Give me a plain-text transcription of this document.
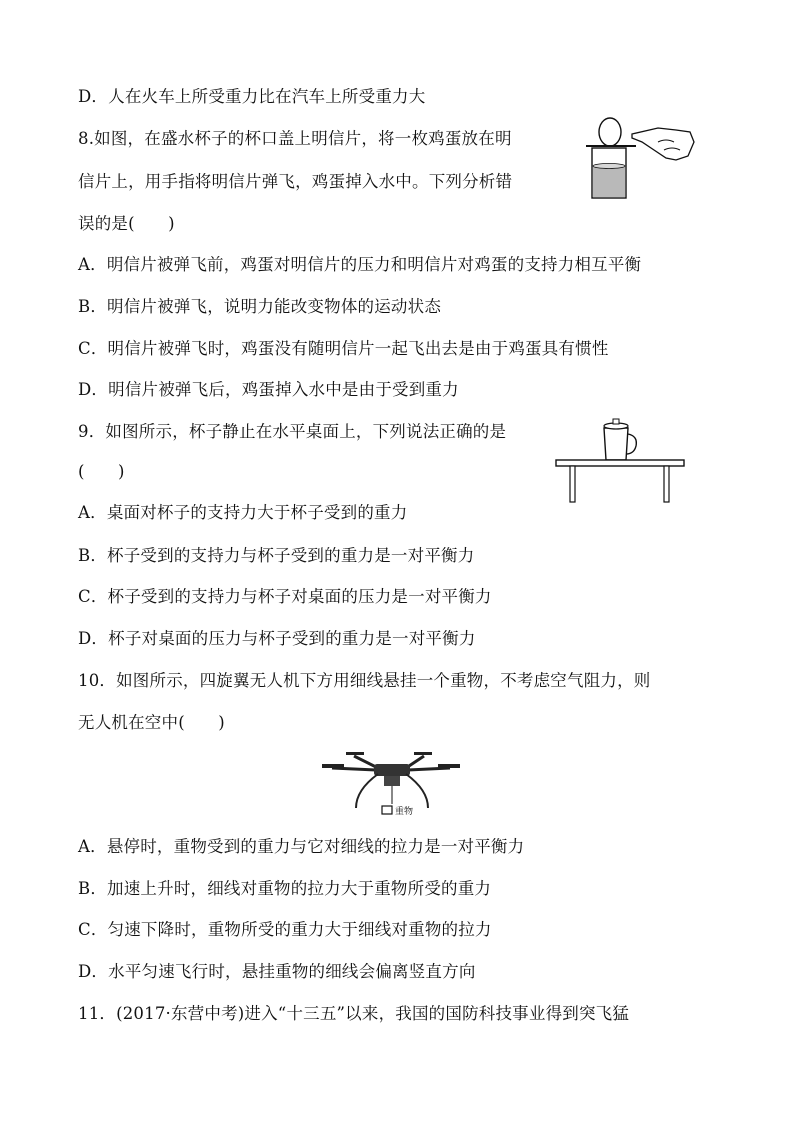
D．人在火车上所受重力比在汽车上所受重力大
8.如图，在盛水杯子的杯口盖上明信片，将一枚鸡蛋放在明
信片上，用手指将明信片弹飞，鸡蛋掉入水中。下列分析错
误的是(　　)
A．明信片被弹飞前，鸡蛋对明信片的压力和明信片对鸡蛋的支持力相互平衡
B．明信片被弹飞，说明力能改变物体的运动状态
C．明信片被弹飞时，鸡蛋没有随明信片一起飞出去是由于鸡蛋具有惯性
D．明信片被弹飞后，鸡蛋掉入水中是由于受到重力
9．如图所示，杯子静止在水平桌面上，下列说法正确的是
(　　)
A．桌面对杯子的支持力大于杯子受到的重力
B．杯子受到的支持力与杯子受到的重力是一对平衡力
C．杯子受到的支持力与杯子对桌面的压力是一对平衡力
D．杯子对桌面的压力与杯子受到的重力是一对平衡力
10．如图所示，四旋翼无人机下方用细线悬挂一个重物，不考虑空气阻力，则
无人机在空中(　　)
重物
A．悬停时，重物受到的重力与它对细线的拉力是一对平衡力
B．加速上升时，细线对重物的拉力大于重物所受的重力
C．匀速下降时，重物所受的重力大于细线对重物的拉力
D．水平匀速飞行时，悬挂重物的细线会偏离竖直方向
11．(2017·东营中考)进入“十三五”以来，我国的国防科技事业得到突飞猛
